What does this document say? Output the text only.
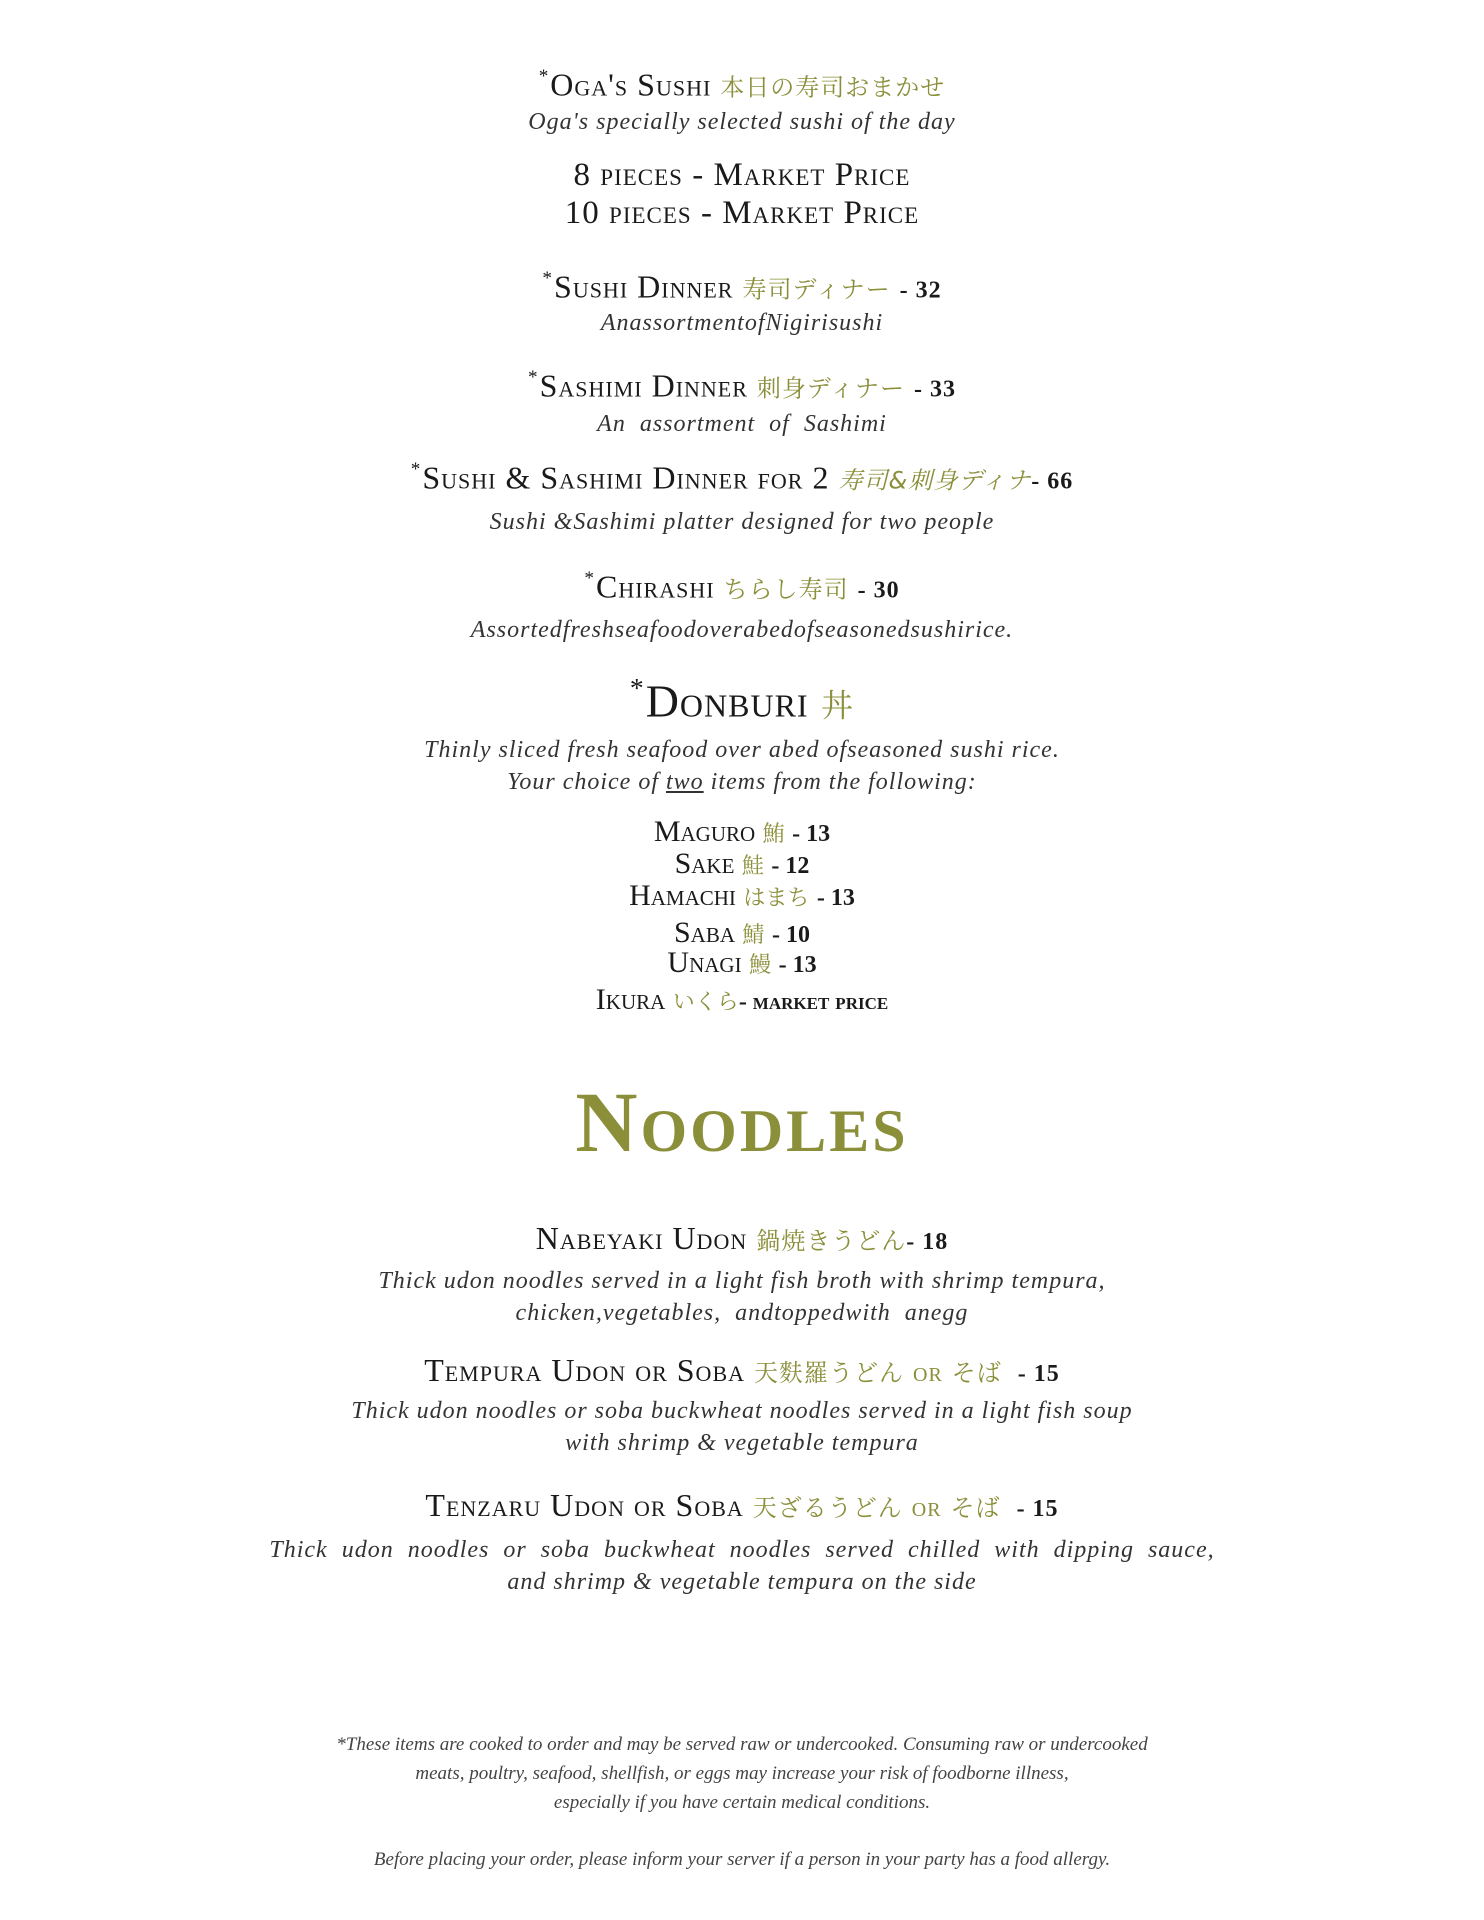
*Oga's Sushi 本日の寿司おまかせ
Oga's specially selected sushi of the day
8 pieces - Market Price
10 pieces - Market Price
*Sushi Dinner 寿司ディナー - 32
AnassortmentofNigirisushi
*Sashimi Dinner 刺身ディナー - 33
An  assortment  of  Sashimi
*Sushi & Sashimi Dinner for 2 寿司&刺身ディナ- 66
Sushi &Sashimi platter designed for two people
*Chirashi ちらし寿司 - 30
Assortedfreshseafoodoverabedofseasonedsushirice.
*Donburi 丼
Thinly sliced fresh seafood over abed ofseasoned sushi rice.
Your choice of two items from the following:
Maguro 鮪 - 13
Sake 鮭 - 12
Hamachi はまち - 13
Saba 鯖 - 10
Unagi 鰻 - 13
Ikura いくら- market price
Noodles
Nabeyaki Udon 鍋焼きうどん- 18
Thick udon noodles served in a light fish broth with shrimp tempura,
chicken,vegetables,  andtoppedwith  anegg
Tempura Udon or Soba 天麩羅うどん or そば  - 15
Thick udon noodles or soba buckwheat noodles served in a light fish soup
with shrimp & vegetable tempura
Tenzaru Udon or Soba 天ざるうどん or そば  - 15
Thick  udon  noodles  or  soba  buckwheat  noodles  served  chilled  with  dipping  sauce,
and shrimp & vegetable tempura on the side
*These items are cooked to order and may be served raw or undercooked. Consuming raw or undercooked
meats, poultry, seafood, shellfish, or eggs may increase your risk of foodborne illness,
especially if you have certain medical conditions.
Before placing your order, please inform your server if a person in your party has a food allergy.
